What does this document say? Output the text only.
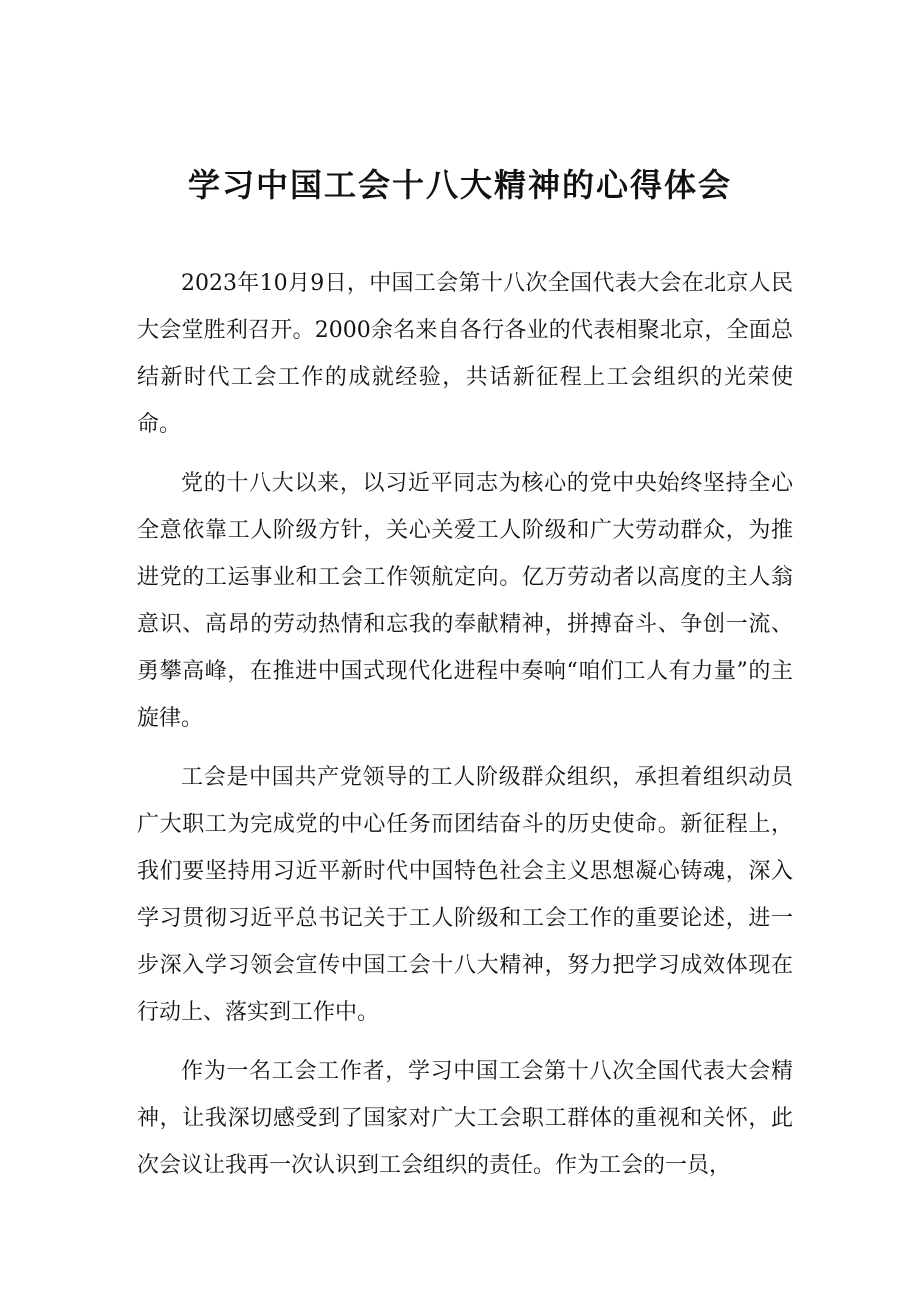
学习中国工会十八大精神的心得体会

2023年10月9日，中国工会第十八次全国代表大会在北京人民大会堂胜利召开。2000余名来自各行各业的代表相聚北京，全面总结新时代工会工作的成就经验，共话新征程上工会组织的光荣使命。

党的十八大以来，以习近平同志为核心的党中央始终坚持全心全意依靠工人阶级方针，关心关爱工人阶级和广大劳动群众，为推进党的工运事业和工会工作领航定向。亿万劳动者以高度的主人翁意识、高昂的劳动热情和忘我的奉献精神，拼搏奋斗、争创一流、勇攀高峰，在推进中国式现代化进程中奏响“咱们工人有力量”的主旋律。

工会是中国共产党领导的工人阶级群众组织，承担着组织动员广大职工为完成党的中心任务而团结奋斗的历史使命。新征程上，我们要坚持用习近平新时代中国特色社会主义思想凝心铸魂，深入学习贯彻习近平总书记关于工人阶级和工会工作的重要论述，进一步深入学习领会宣传中国工会十八大精神，努力把学习成效体现在行动上、落实到工作中。

作为一名工会工作者，学习中国工会第十八次全国代表大会精神，让我深切感受到了国家对广大工会职工群体的重视和关怀，此次会议让我再一次认识到工会组织的责任。作为工会的一员，
